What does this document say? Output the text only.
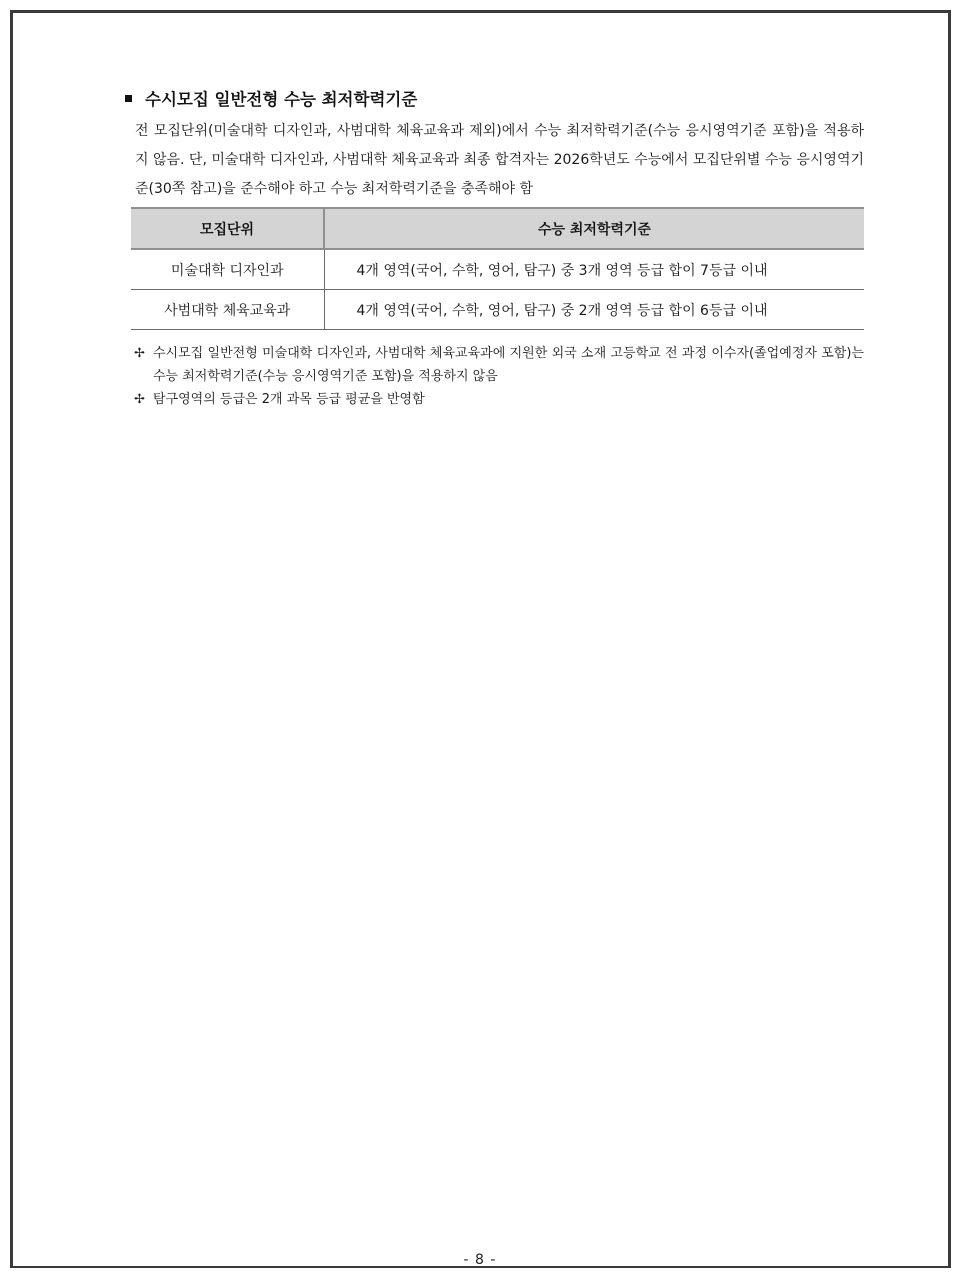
수시모집 일반전형 수능 최저학력기준
전 모집단위(미술대학 디자인과, 사범대학 체육교육과 제외)에서 수능 최저학력기준(수능 응시영역기준 포함)을 적용하지 않음. 단, 미술대학 디자인과, 사범대학 체육교육과 최종 합격자는 2026학년도 수능에서 모집단위별 수능 응시영역기준(30쪽 참고)을 준수해야 하고 수능 최저학력기준을 충족해야 함
모집단위	수능 최저학력기준
미술대학 디자인과	4개 영역(국어, 수학, 영어, 탐구) 중 3개 영역 등급 합이 7등급 이내
사범대학 체육교육과	4개 영역(국어, 수학, 영어, 탐구) 중 2개 영역 등급 합이 6등급 이내
✢ 수시모집 일반전형 미술대학 디자인과, 사범대학 체육교육과에 지원한 외국 소재 고등학교 전 과정 이수자(졸업예정자 포함)는 수능 최저학력기준(수능 응시영역기준 포함)을 적용하지 않음
✢ 탐구영역의 등급은 2개 과목 등급 평균을 반영함
- 8 -
